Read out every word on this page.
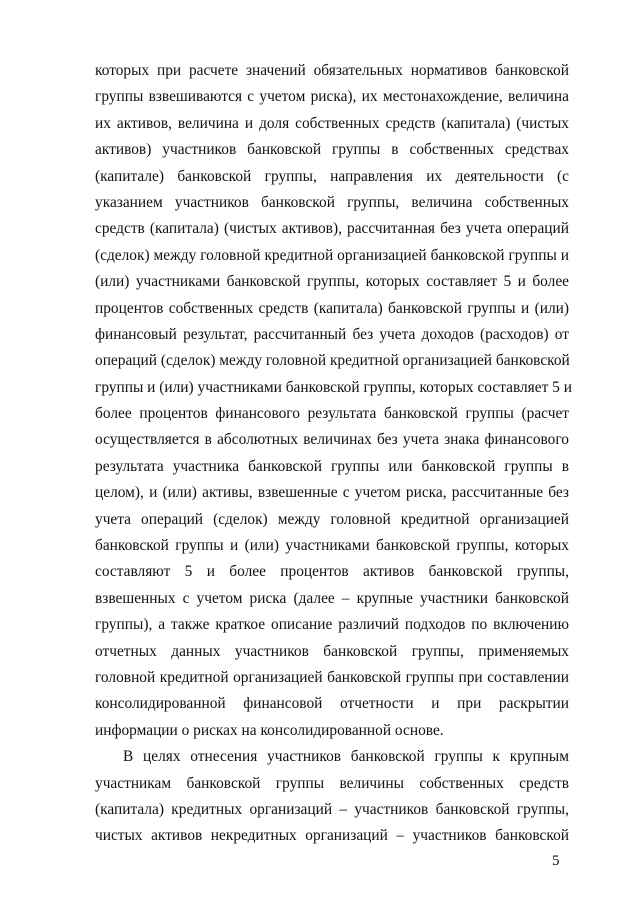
которых при расчете значений обязательных нормативов банковской
группы взвешиваются с учетом риска), их местонахождение, величина
их активов, величина и доля собственных средств (капитала) (чистых
активов) участников банковской группы в собственных средствах
(капитале) банковской группы, направления их деятельности (с
указанием участников банковской группы, величина собственных
средств (капитала) (чистых активов), рассчитанная без учета операций
(сделок) между головной кредитной организацией банковской группы и
(или) участниками банковской группы, которых составляет 5 и более
процентов собственных средств (капитала) банковской группы и (или)
финансовый результат, рассчитанный без учета доходов (расходов) от
операций (сделок) между головной кредитной организацией банковской
группы и (или) участниками банковской группы, которых составляет 5 и
более процентов финансового результата банковской группы (расчет
осуществляется в абсолютных величинах без учета знака финансового
результата участника банковской группы или банковской группы в
целом), и (или) активы, взвешенные с учетом риска, рассчитанные без
учета операций (сделок) между головной кредитной организацией
банковской группы и (или) участниками банковской группы, которых
составляют 5 и более процентов активов банковской группы,
взвешенных с учетом риска (далее – крупные участники банковской
группы), а также краткое описание различий подходов по включению
отчетных данных участников банковской группы, применяемых
головной кредитной организацией банковской группы при составлении
консолидированной финансовой отчетности и при раскрытии
информации о рисках на консолидированной основе.
В целях отнесения участников банковской группы к крупным
участникам банковской группы величины собственных средств
(капитала) кредитных организаций – участников банковской группы,
чистых активов некредитных организаций – участников банковской
5
